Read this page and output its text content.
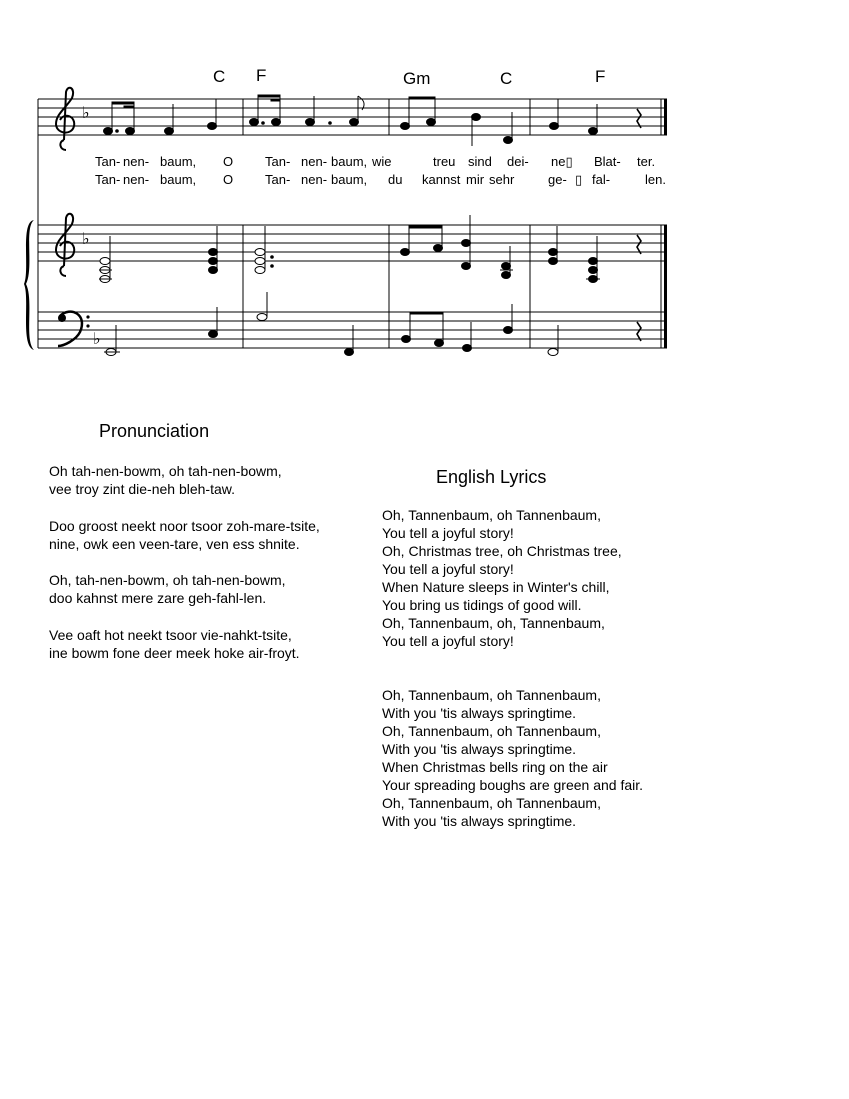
♭
♭
♭
C F	Gm	C	F
Tan- nen- baum, O Tan- nen- baum, wie	treu sind dei- ne▯ Blat- ter.
Tan- nen- baum, O Tan- nen- baum, du kannst mir sehr	ge- ▯ fal-	len.
Pronunciation
Oh tah-nen-bowm, oh tah-nen-bowm,
vee troy zint die-neh bleh-taw.
Doo groost neekt noor tsoor zoh-mare-tsite,
nine, owk een veen-tare, ven ess shnite.
Oh, tah-nen-bowm, oh tah-nen-bowm,
doo kahnst mere zare geh-fahl-len.
Vee oaft hot neekt tsoor vie-nahkt-tsite,
ine bowm fone deer meek hoke air-froyt.
English Lyrics
Oh, Tannenbaum, oh Tannenbaum,
You tell a joyful story!
Oh, Christmas tree, oh Christmas tree,
You tell a joyful story!
When Nature sleeps in Winter's chill,
You bring us tidings of good will.
Oh, Tannenbaum, oh, Tannenbaum,
You tell a joyful story!
Oh, Tannenbaum, oh Tannenbaum,
With you 'tis always springtime.
Oh, Tannenbaum, oh Tannenbaum,
With you 'tis always springtime.
When Christmas bells ring on the air
Your spreading boughs are green and fair.
Oh, Tannenbaum, oh Tannenbaum,
With you 'tis always springtime.
